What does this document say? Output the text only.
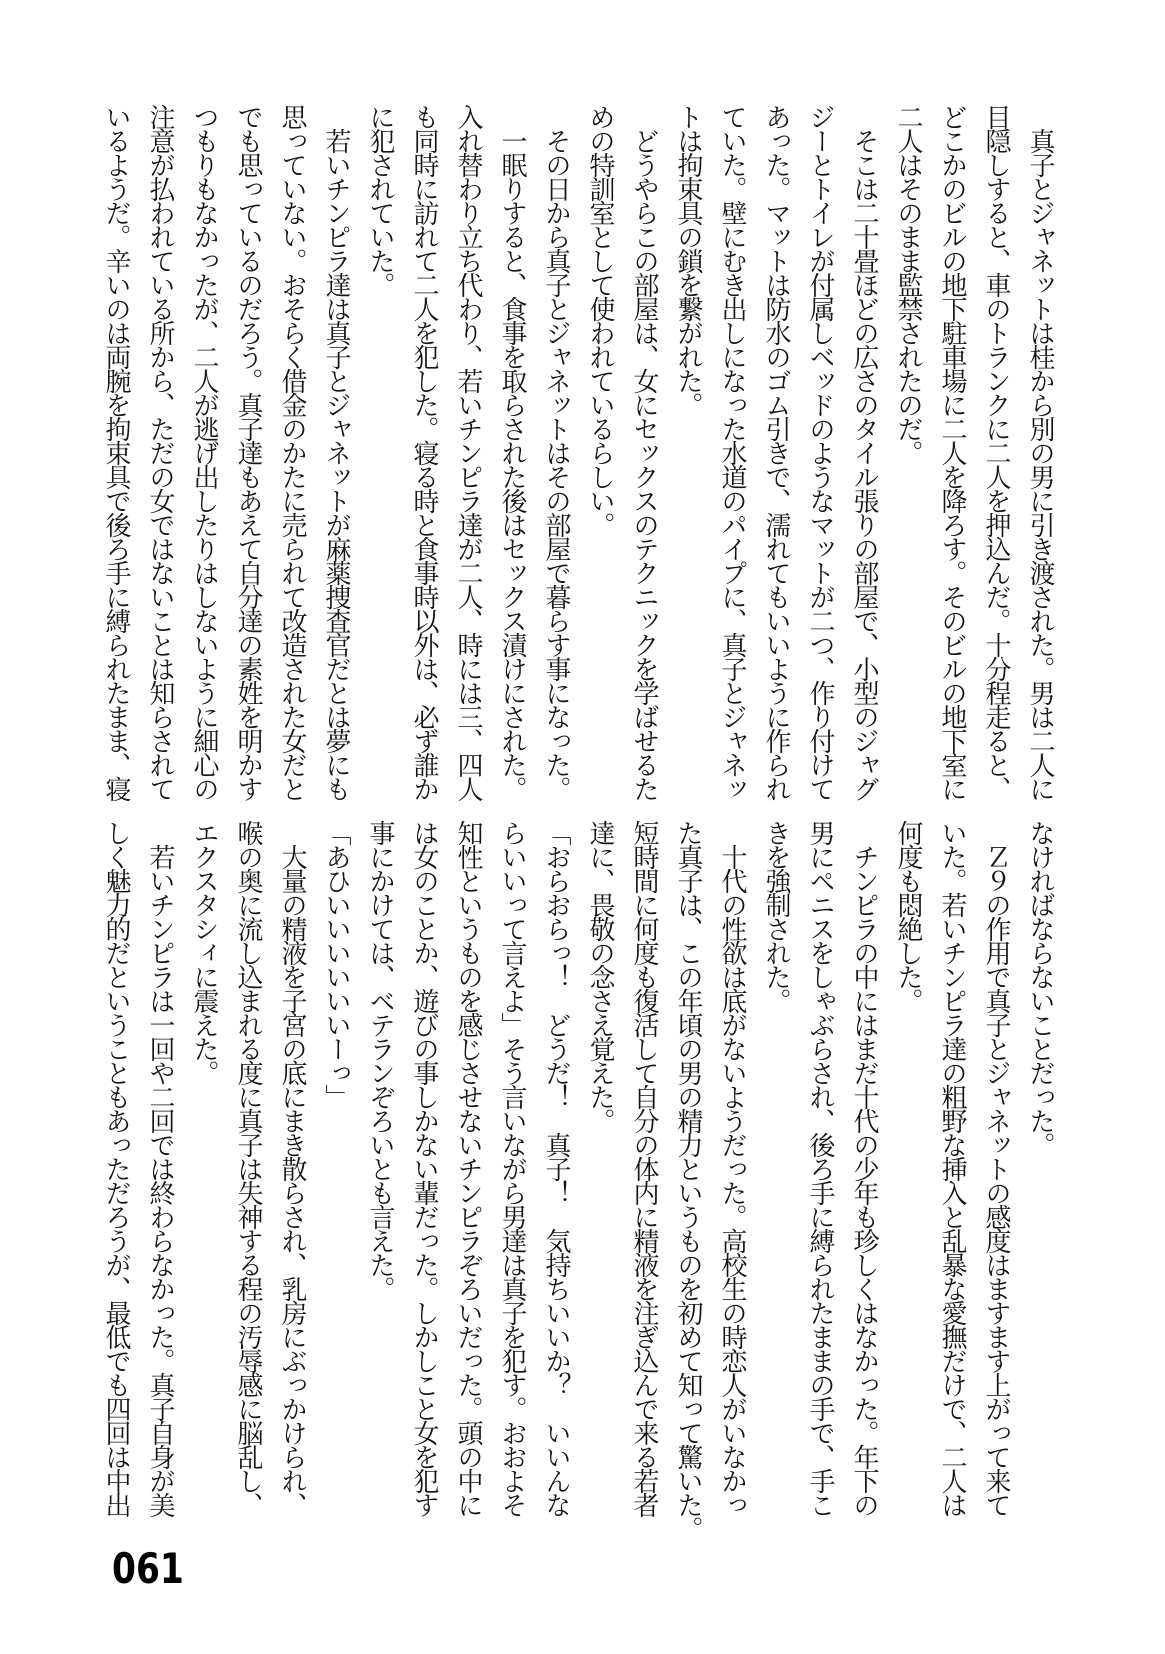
　真子とジャネットは桂から別の男に引き渡された。男は二人に
目隠しすると、車のトランクに二人を押込んだ。十分程走ると、
どこかのビルの地下駐車場に二人を降ろす。そのビルの地下室に
二人はそのまま監禁されたのだ。
　そこは二十畳ほどの広さのタイル張りの部屋で、小型のジャグ
ジーとトイレが付属しベッドのようなマットが二つ、作り付けて
あった。マットは防水のゴム引きで、濡れてもいいように作られ
ていた。壁にむき出しになった水道のパイプに、真子とジャネッ
トは拘束具の鎖を繋がれた。
　どうやらこの部屋は、女にセックスのテクニックを学ばせるた
めの特訓室として使われているらしい。
　その日から真子とジャネットはその部屋で暮らす事になった。
　一眠りすると、食事を取らされた後はセックス漬けにされた。
入れ替わり立ち代わり、若いチンピラ達が二人、時には三、四人
も同時に訪れて二人を犯した。寝る時と食事時以外は、必ず誰か
に犯されていた。
　若いチンピラ達は真子とジャネットが麻薬捜査官だとは夢にも
思っていない。おそらく借金のかたに売られて改造された女だと
でも思っているのだろう。真子達もあえて自分達の素姓を明かす
つもりもなかったが、二人が逃げ出したりはしないように細心の
注意が払われている所から、ただの女ではないことは知らされて
いるようだ。辛いのは両腕を拘束具で後ろ手に縛られたまま、寝
なければならないことだった。
　Ｚ９の作用で真子とジャネットの感度はますます上がって来て
いた。若いチンピラ達の粗野な挿入と乱暴な愛撫だけで、二人は
何度も悶絶した。
　チンピラの中にはまだ十代の少年も珍しくはなかった。年下の
男にペニスをしゃぶらされ、後ろ手に縛られたままの手で、手こ
きを強制された。
　十代の性欲は底がないようだった。高校生の時恋人がいなかっ
た真子は、この年頃の男の精力というものを初めて知って驚いた。
短時間に何度も復活して自分の体内に精液を注ぎ込んで来る若者
達に、畏敬の念さえ覚えた。
「おらおらっ！　どうだ！　真子！　気持ちいいか？　いいんな
らいいって言えよ」そう言いながら男達は真子を犯す。おおよそ
知性というものを感じさせないチンピラぞろいだった。頭の中に
は女のことか、遊びの事しかない輩だった。しかしこと女を犯す
事にかけては、ベテランぞろいとも言えた。
「あひいいいいいいーっ」
　大量の精液を子宮の底にまき散らされ、乳房にぶっかけられ、
喉の奥に流し込まれる度に真子は失神する程の汚辱感に脳乱し、
エクスタシィに震えた。
　若いチンピラは一回や二回では終わらなかった。真子自身が美
しく魅力的だということもあっただろうが、最低でも四回は中出
061
